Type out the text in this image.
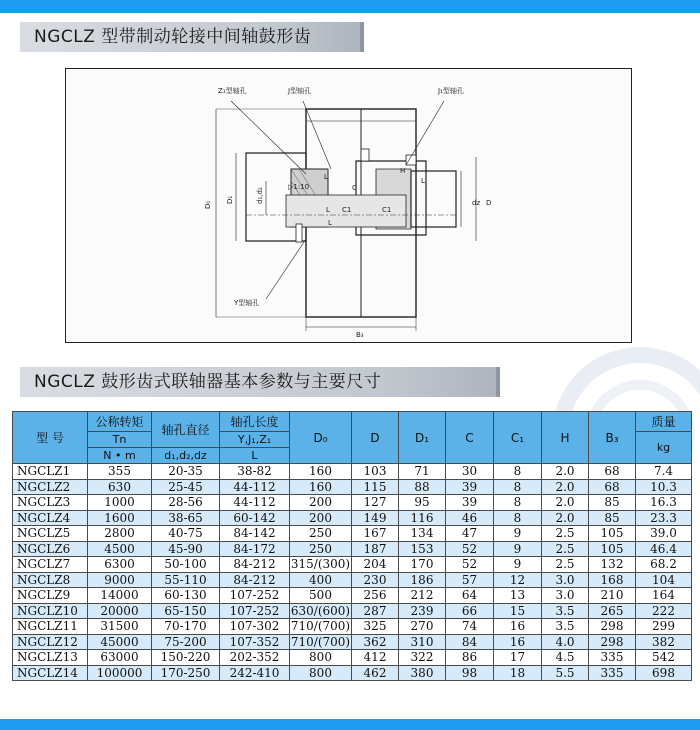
NGCLZ 型带制动轮接中间轴鼓形齿
Z₁型轴孔	J型轴孔	J₁型轴孔
Y型轴孔
▷1:10
D₀
D₁	d₁,d₂	dz D
L	L
L
L
C
C1	C1
H
B₃
NGCLZ 鼓形齿式联轴器基本参数与主要尺寸
型 号	公称转矩	轴孔直径	轴孔长度	D₀	D	D₁	C	C₁	H	B₃	质量
	Tn		Y,J₁,Z₁								kg
	N • m	d₁,d₂,dz	L								
NGCLZ1	355	20-35	38-82	160	103	71	30	8	2.0	68	7.4
NGCLZ2	630	25-45	44-112	160	115	88	39	8	2.0	68	10.3
NGCLZ3	1000	28-56	44-112	200	127	95	39	8	2.0	85	16.3
NGCLZ4	1600	38-65	60-142	200	149	116	46	8	2.0	85	23.3
NGCLZ5	2800	40-75	84-142	250	167	134	47	9	2.5	105	39.0
NGCLZ6	4500	45-90	84-172	250	187	153	52	9	2.5	105	46.4
NGCLZ7	6300	50-100	84-212	315/(300)	204	170	52	9	2.5	132	68.2
NGCLZ8	9000	55-110	84-212	400	230	186	57	12	3.0	168	104
NGCLZ9	14000	60-130	107-252	500	256	212	64	13	3.0	210	164
NGCLZ10	20000	65-150	107-252	630/(600)	287	239	66	15	3.5	265	222
NGCLZ11	31500	70-170	107-302	710/(700)	325	270	74	16	3.5	298	299
NGCLZ12	45000	75-200	107-352	710/(700)	362	310	84	16	4.0	298	382
NGCLZ13	63000	150-220	202-352	800	412	322	86	17	4.5	335	542
NGCLZ14	100000	170-250	242-410	800	462	380	98	18	5.5	335	698
